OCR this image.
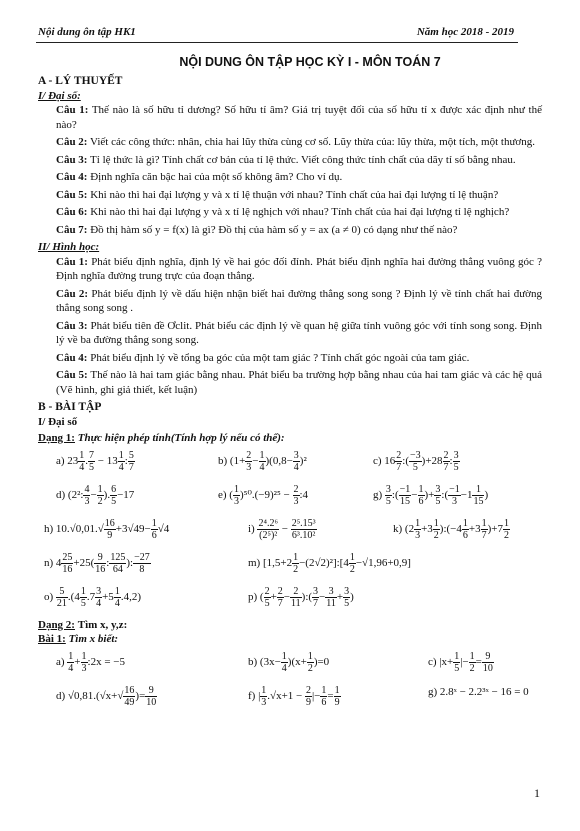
Nội dung ôn tập HK1	Năm học 2018 - 2019
NỘI DUNG ÔN TẬP HỌC KỲ I - MÔN TOÁN 7
A - LÝ THUYẾT
I/ Đại số:
Câu 1: Thế nào là số hữu tỉ dương? Số hữu tỉ âm? Giá trị tuyệt đối của số hữu tỉ x được xác định như thế nào?
Câu 2: Viết các công thức: nhân, chia hai lũy thừa cùng cơ số. Lũy thừa của: lũy thừa, một tích, một thương.
Câu 3: Tỉ lệ thức là gì? Tính chất cơ bản của tỉ lệ thức. Viết công thức tính chất của dãy tỉ số bằng nhau.
Câu 4: Định nghĩa căn bậc hai của một số không âm? Cho ví dụ.
Câu 5: Khi nào thì hai đại lượng y và x tỉ lệ thuận với nhau? Tính chất của hai đại lượng tỉ lệ thuận?
Câu 6: Khi nào thì hai đại lượng y và x tỉ lệ nghịch với nhau? Tính chất của hai đại lượng tỉ lệ nghịch?
Câu 7: Đồ thị hàm số y = f(x) là gì? Đồ thị của hàm số y = ax (a ≠ 0) có dạng như thế nào?
II/ Hình học:
Câu 1: Phát biểu định nghĩa, định lý về hai góc đối đỉnh. Phát biểu định nghĩa hai đường thẳng vuông góc ? Định nghĩa đường trung trực của đoạn thẳng.
Câu 2: Phát biểu định lý về dấu hiện nhận biết hai đường thẳng song song ? Định lý về tính chất hai đường thẳng song song .
Câu 3: Phát biểu tiên đề Ơclit. Phát biểu các định lý về quan hệ giữa tính vuông góc với tính song song. Định lý về ba đường thẳng song song.
Câu 4: Phát biểu định lý về tổng ba góc của một tam giác ? Tính chất góc ngoài của tam giác.
Câu 5: Thế nào là hai tam giác bằng nhau. Phát biểu ba trường hợp bằng nhau của hai tam giác và các hệ quả (Vẽ hình, ghi giả thiết, kết luận)
B - BÀI TẬP
I/ Đại số
Dạng 1: Thực hiện phép tính(Tính hợp lý nếu có thể):
a) $23 \frac{1}{4}$ . $\frac{7}{5} - 13 \frac{1}{4}$ : $\frac{5}{7}$	b) $(1+ \frac{2}{3} - \frac{1}{4} )(0,8- \frac{3}{4} )^2$	c) $16 \frac{2}{7}$ :( $\frac{-3}{5} )+28 \frac{2}{7}$ : $\frac{3}{5}$
d) (2²: $\frac{4}{3} - \frac{1}{2}$ ). $\frac{6}{5} -17$	e) ( $\frac{1}{3} )^{50}.(-9)^{25} - \frac{2}{3}$ :4	$g) \frac{3}{5}$ :( $\frac{-1}{15} - \frac{1}{6}$ )+ $\frac{3}{5}$ :( $\frac{-1}{3} -1 \frac{1}{15}$ )
h) $10.√0,01.√ \frac{16}{9} +3√49- \frac{1}{6} √4$	$i) \frac{\text{2⁴.2⁶}}{\text{(2⁵)²}} - \frac{\text{2⁵.15³}}{\text{6³.10²}}$	k) ($2 \frac{1}{3} +3 \frac{1}{2}$ ):(−4 $\frac{1}{6} +3 \frac{1}{7} )+7 \frac{1}{2}$
n) $4 \frac{25}{16} +25( \frac{9}{16}$ : $\frac{125}{64}$ ): $\frac{-27}{8}$	m) [$1,5+2 \frac{1}{2}$ −(2√2)²]:[4 $\frac{1}{2} -√1,96+0,9$]
$o) \frac{5}{21} .(4 \frac{1}{5} .7 \frac{3}{4} +5 \frac{1}{4} .4,2)$	p) ( $\frac{2}{5} + \frac{2}{7} - \frac{2}{11}$ ):( $\frac{3}{7} - \frac{3}{11} + \frac{3}{5}$ )
Dạng 2: Tìm x, y,z:
Bài 1: Tìm x biết:
$a) \frac{1}{4} + \frac{1}{3}$ :2x = −5	b) $(3x- \frac{1}{4} )(x+ \frac{1}{2} )=0$	c) $|x+ \frac{1}{5}$ |− $\frac{1}{2} = \frac{9}{10}$
d) $√0,81.(√x+√ \frac{16}{49}$ )= $\frac{9}{10}$	f) | $\frac{1}{3} .√x+1 - \frac{2}{9}$ |− $\frac{1}{6} = \frac{1}{9}$	g) 2.8ˣ − 2.2³ˣ − 16 = 0
1
